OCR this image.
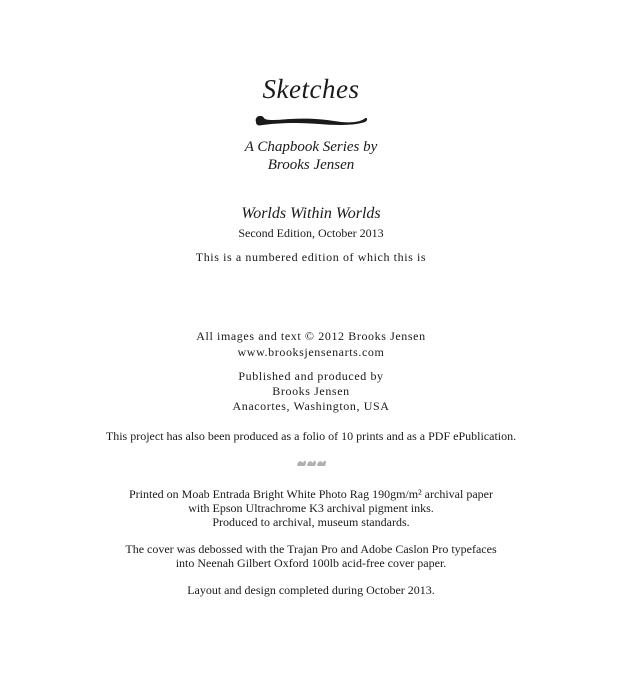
Sketches
A Chapbook Series by
Brooks Jensen
Worlds Within Worlds
Second Edition, October 2013
This is a numbered edition of which this is
All images and text © 2012 Brooks Jensen
www.brooksjensenarts.com
Published and produced by
Brooks Jensen
Anacortes, Washington, USA
This project has also been produced as a folio of 10 prints and as a PDF ePublication.
Printed on Moab Entrada Bright White Photo Rag 190gm/m² archival paper
with Epson Ultrachrome K3 archival pigment inks.
Produced to archival, museum standards.
The cover was debossed with the Trajan Pro and Adobe Caslon Pro typefaces
into Neenah Gilbert Oxford 100lb acid-free cover paper.
Layout and design completed during October 2013.
